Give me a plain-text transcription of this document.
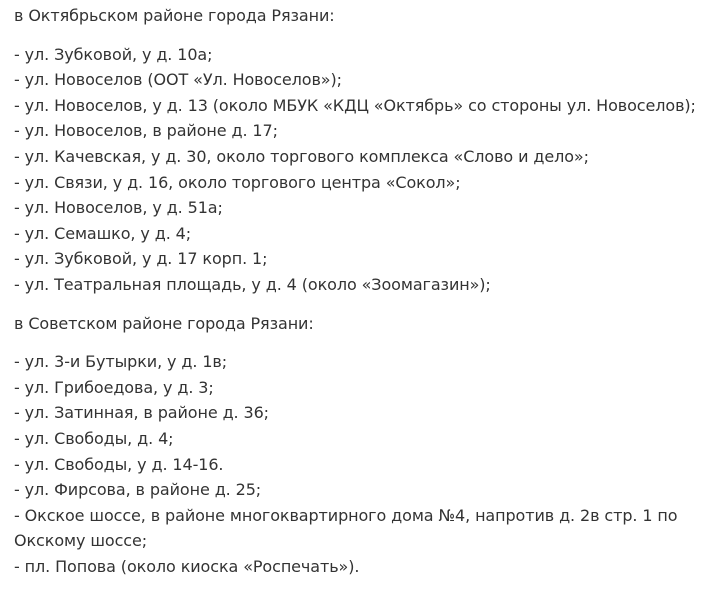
в Октябрьском районе города Рязани:

- ул. Зубковой, у д. 10а;
- ул. Новоселов (ООТ «Ул. Новоселов»);
- ул. Новоселов, у д. 13 (около МБУК «КДЦ «Октябрь» со стороны ул. Новоселов);
- ул. Новоселов, в районе д. 17;
- ул. Качевская, у д. 30, около торгового комплекса «Слово и дело»;
- ул. Связи, у д. 16, около торгового центра «Сокол»;
- ул. Новоселов, у д. 51а;
- ул. Семашко, у д. 4;
- ул. Зубковой, у д. 17 корп. 1;
- ул. Театральная площадь, у д. 4 (около «Зоомагазин»);

в Советском районе города Рязани:

- ул. 3-и Бутырки, у д. 1в;
- ул. Грибоедова, у д. 3;
- ул. Затинная, в районе д. 36;
- ул. Свободы, д. 4;
- ул. Свободы, у д. 14-16.
- ул. Фирсова, в районе д. 25;
- Окское шоссе, в районе многоквартирного дома №4, напротив д. 2в стр. 1 по Окскому шоссе;
- пл. Попова (около киоска «Роспечать»).
